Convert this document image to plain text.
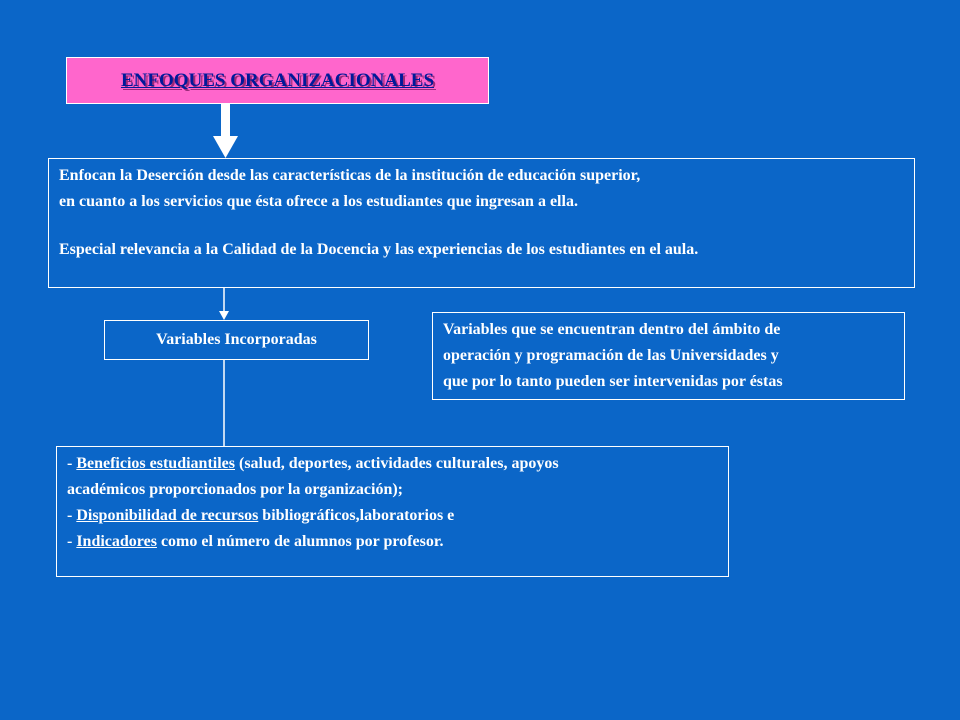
ENFOQUES ORGANIZACIONALES
Enfocan la Deserción desde las características de la institución de educación superior,
en cuanto a los servicios que ésta ofrece a los estudiantes que ingresan a ella.
Especial relevancia a la Calidad de la Docencia y las experiencias de los estudiantes en el aula.
Variables Incorporadas
Variables que se encuentran dentro del ámbito de
operación y programación de las Universidades y
que por lo tanto pueden ser intervenidas por éstas
- Beneficios estudiantiles (salud, deportes, actividades culturales, apoyos
académicos proporcionados por la organización);
- Disponibilidad de recursos bibliográficos,laboratorios e
- Indicadores como el número de alumnos por profesor.
